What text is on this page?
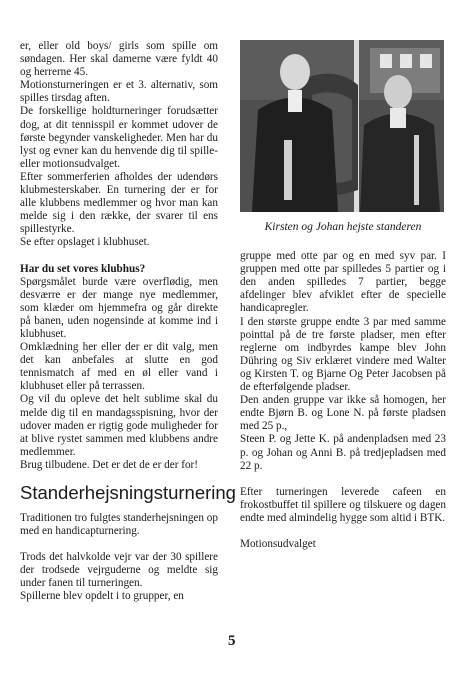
er, eller old boys/ girls som spille om søndagen. Her skal damerne være fyldt 40 og herrerne 45.

Motionsturneringen er et 3. alternativ, som spilles tirsdag aften.

De forskellige holdturneringer forudsætter dog, at dit tennisspil er kommet udover de første begynder vanskeligheder. Men har du lyst og evner kan du henvende dig til spille- eller motionsudvalget.

Efter sommerferien afholdes der udendørs klubmesterskaber. En turnering der er for alle klubbens medlemmer og hvor man kan melde sig i den række, der svarer til ens spillestyrke.

Se efter opslaget i klubhuset.

Har du set vores klubhus?

Spørgsmålet burde være overflødig, men desværre er der mange nye medlemmer, som klæder om hjemmefra og går direkte på banen, uden nogensinde at komme ind i klubhuset.

Omklædning her eller der er dit valg, men det kan anbefales at slutte en god tennismatch af med en øl eller vand i klubhuset eller på terrassen.

Og vil du opleve det helt sublime skal du melde dig til en mandagsspisning, hvor der udover maden er rigtig gode muligheder for at blive rystet sammen med klubbens andre medlemmer.

Brug tilbudene. Det er det de er der for!

Standerhejsningsturnering

Traditionen tro fulgtes standerhejsningen op med en handicapturnering.

Trods det halvkolde vejr var der 30 spillere der trodsede vejrguderne og meldte sig under fanen til turneringen.

Spillerne blev opdelt i to grupper, en

Kirsten og Johan hejste standeren

gruppe med otte par og en med syv par. I gruppen med otte par spilledes 5 partier og i den anden spilledes 7 partier, begge afdelinger blev afviklet efter de specielle handicapregler.

I den største gruppe endte 3 par med samme pointtal på de tre første pladser, men efter reglerne om indbyrdes kampe blev John Dühring og Siv erklæret vindere med Walter og Kirsten T. og Bjarne Og Peter Jacobsen på de efterfølgende pladser.

Den anden gruppe var ikke så homogen, her endte Bjørn B. og Lone N. på første pladsen med 25 p.,

Steen P. og Jette K. på andenpladsen med 23 p. og Johan og Anni B. på tredjepladsen med 22 p.

Efter turneringen leverede cafeen en frokostbuffet til spillere og tilskuere og dagen endte med almindelig hygge som altid i BTK.

Motionsudvalget

5
